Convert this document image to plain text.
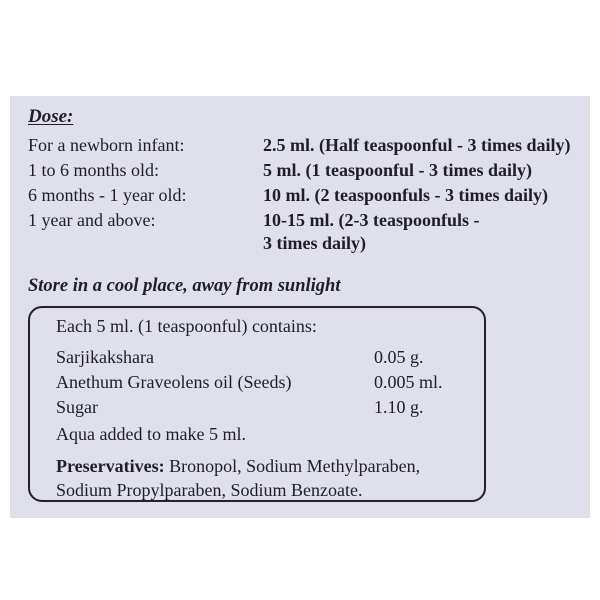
Dose:
For a newborn infant:	2.5 ml. (Half teaspoonful - 3 times daily)
1 to 6 months old:	5 ml. (1 teaspoonful - 3 times daily)
6 months - 1 year old:	10 ml. (2 teaspoonfuls - 3 times daily)
1 year and above:	10-15 ml. (2-3 teaspoonfuls -
3 times daily)
Store in a cool place, away from sunlight
Each 5 ml. (1 teaspoonful) contains:
Sarjikakshara	0.05 g.
Anethum Graveolens oil (Seeds)	0.005 ml.
Sugar	1.10 g.
Aqua added to make 5 ml.
Preservatives: Bronopol, Sodium Methylparaben,
Sodium Propylparaben, Sodium Benzoate.
